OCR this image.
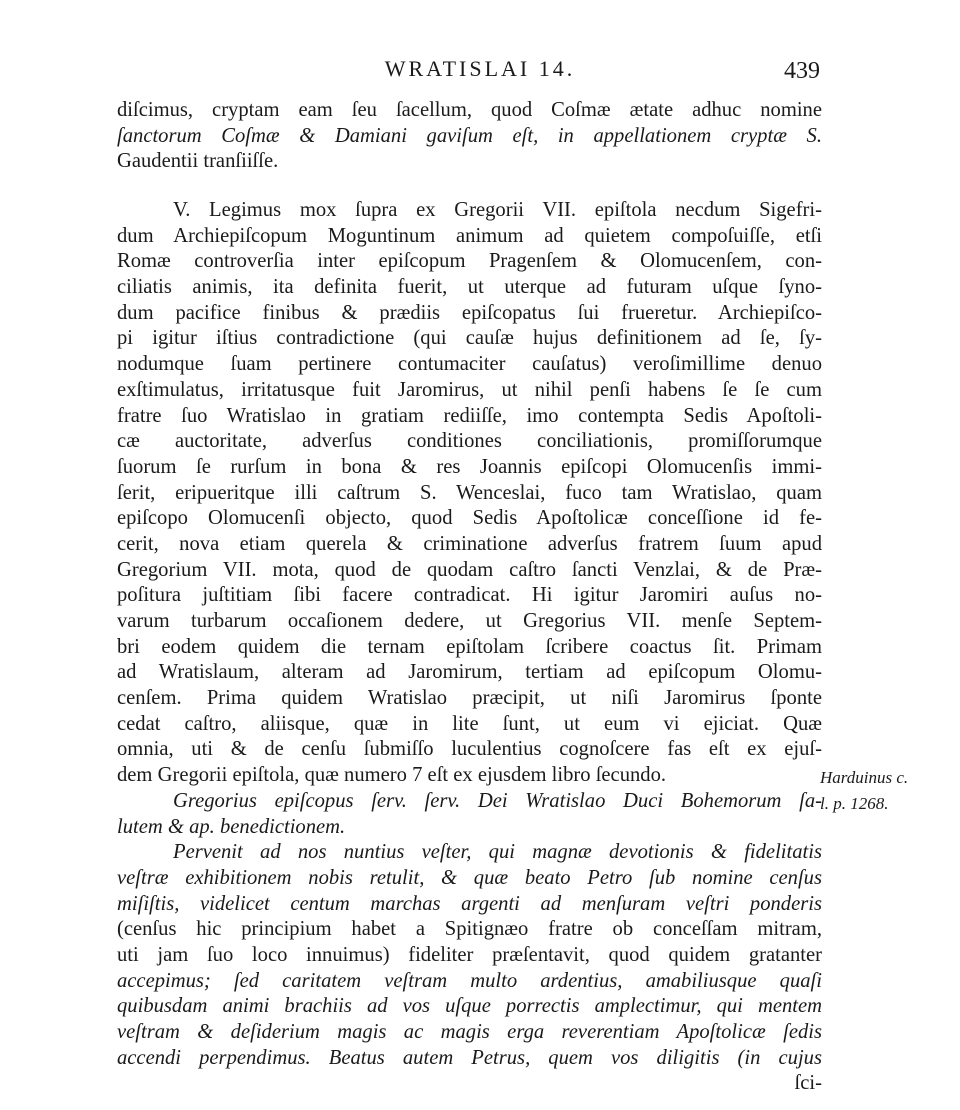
WRATISLAI 14.	439
diſcimus, cryptam eam ſeu ſacellum, quod Coſmæ ætate adhuc nomine
ſanctorum Coſmæ & Damiani gaviſum eſt, in appellationem cryptæ S.
Gaudentii tranſiiſſe.
V. Legimus mox ſupra ex Gregorii VII. epiſtola necdum Sigefri-
dum Archiepiſcopum Moguntinum animum ad quietem compoſuiſſe, etſi
Romæ controverſia inter epiſcopum Pragenſem & Olomucenſem, con-
ciliatis animis, ita definita fuerit, ut uterque ad futuram uſque ſyno-
dum pacifice finibus & prædiis epiſcopatus ſui frueretur. Archiepiſco-
pi igitur iſtius contradictione (qui cauſæ hujus definitionem ad ſe, ſy-
nodumque ſuam pertinere contumaciter cauſatus) veroſimillime denuo
exſtimulatus, irritatusque fuit Jaromirus, ut nihil penſi habens ſe ſe cum
fratre ſuo Wratislao in gratiam rediiſſe, imo contempta Sedis Apoſtoli-
cæ auctoritate, adverſus conditiones conciliationis, promiſſorumque
ſuorum ſe rurſum in bona & res Joannis epiſcopi Olomucenſis immi-
ſerit, eripueritque illi caſtrum S. Wenceslai, fuco tam Wratislao, quam
epiſcopo Olomucenſi objecto, quod Sedis Apoſtolicæ conceſſione id fe-
cerit, nova etiam querela & criminatione adverſus fratrem ſuum apud
Gregorium VII. mota, quod de quodam caſtro ſancti Venzlai, & de Præ-
poſitura juſtitiam ſibi facere contradicat. Hi igitur Jaromiri auſus no-
varum turbarum occaſionem dedere, ut Gregorius VII. menſe Septem-
bri eodem quidem die ternam epiſtolam ſcribere coactus ſit. Primam
ad Wratislaum, alteram ad Jaromirum, tertiam ad epiſcopum Olomu-
cenſem. Prima quidem Wratislao præcipit, ut niſi Jaromirus ſponte
cedat caſtro, aliisque, quæ in lite ſunt, ut eum vi ejiciat. Quæ
omnia, uti & de cenſu ſubmiſſo luculentius cognoſcere fas eſt ex ejuſ-
dem Gregorii epiſtola, quæ numero 7 eſt ex ejusdem libro ſecundo.
Gregorius epiſcopus ſerv. ſerv. Dei Wratislao Duci Bohemorum ſa-
lutem & ap. benedictionem.
Pervenit ad nos nuntius veſter, qui magnæ devotionis & fidelitatis
veſtræ exhibitionem nobis retulit, & quæ beato Petro ſub nomine cenſus
miſiſtis, videlicet centum marchas argenti ad menſuram veſtri ponderis
(cenſus hic principium habet a Spitignæo fratre ob conceſſam mitram,
uti jam ſuo loco innuimus) fideliter præſentavit, quod quidem gratanter
accepimus; ſed caritatem veſtram multo ardentius, amabiliusque quaſi
quibusdam animi brachiis ad vos uſque porrectis amplectimur, qui mentem
veſtram & deſiderium magis ac magis erga reverentiam Apoſtolicæ ſedis
accendi perpendimus. Beatus autem Petrus, quem vos diligitis (in cujus
ſci-
Harduinus c.
l. p. 1268.
